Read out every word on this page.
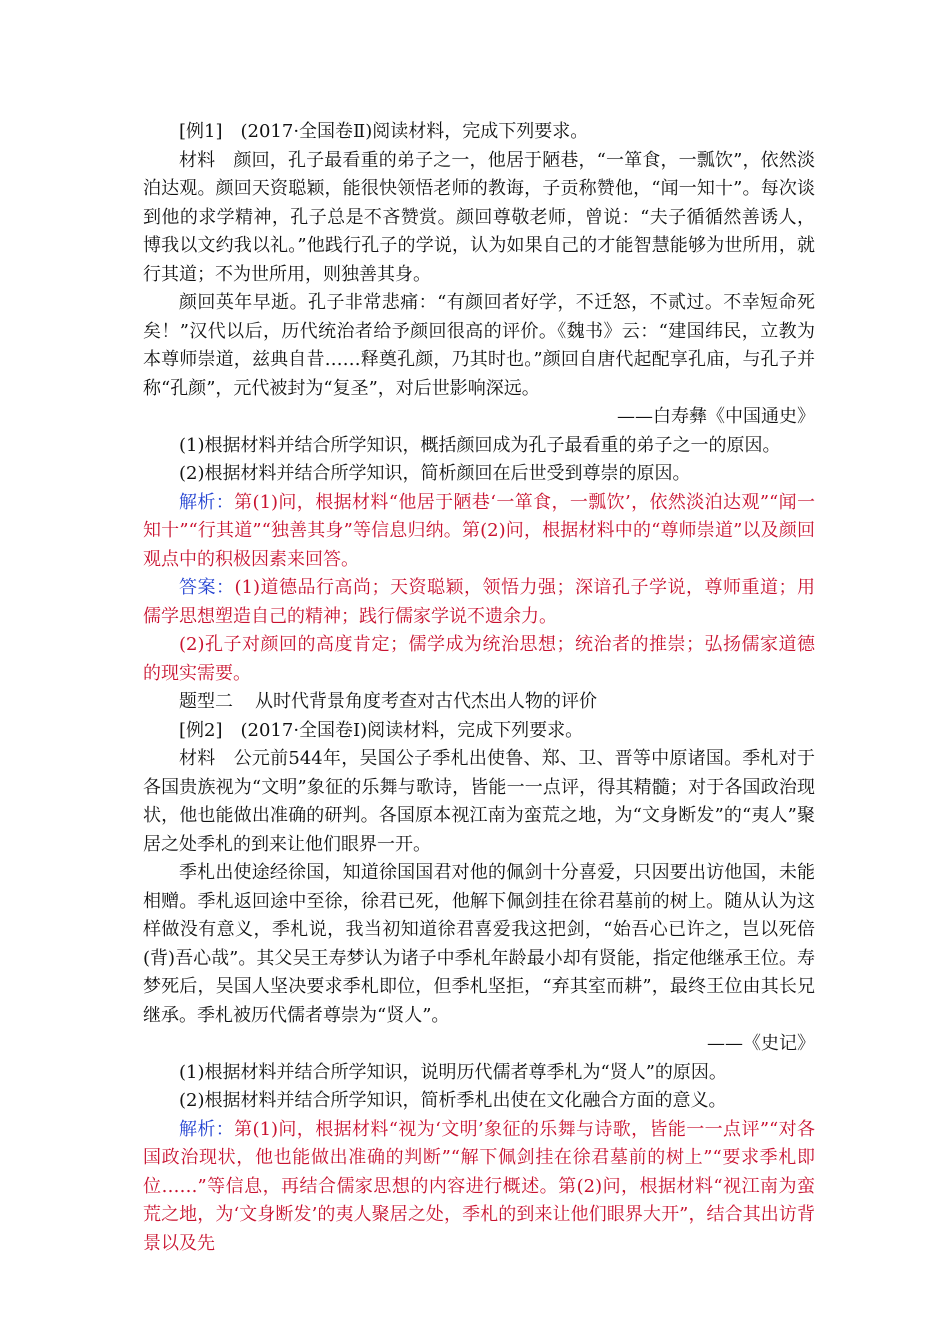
[例1]　(2017·全国卷Ⅱ)阅读材料，完成下列要求。

材料　颜回，孔子最看重的弟子之一，他居于陋巷，“一箪食，一瓢饮”，依然淡泊达观。颜回天资聪颖，能很快领悟老师的教诲，子贡称赞他，“闻一知十”。每次谈到他的求学精神，孔子总是不吝赞赏。颜回尊敬老师，曾说：“夫子循循然善诱人，博我以文约我以礼。”他践行孔子的学说，认为如果自己的才能智慧能够为世所用，就行其道；不为世所用，则独善其身。

颜回英年早逝。孔子非常悲痛：“有颜回者好学，不迁怒，不贰过。不幸短命死矣！”汉代以后，历代统治者给予颜回很高的评价。《魏书》云：“建国纬民，立教为本尊师崇道，兹典自昔……释奠孔颜，乃其时也。”颜回自唐代起配享孔庙，与孔子并称“孔颜”，元代被封为“复圣”，对后世影响深远。

——白寿彝《中国通史》

(1)根据材料并结合所学知识，概括颜回成为孔子最看重的弟子之一的原因。

(2)根据材料并结合所学知识，简析颜回在后世受到尊崇的原因。

解析：第(1)问，根据材料“他居于陋巷‘一箪食，一瓢饮’，依然淡泊达观”“闻一知十”“行其道”“独善其身”等信息归纳。第(2)问，根据材料中的“尊师崇道”以及颜回观点中的积极因素来回答。

答案：(1)道德品行高尚；天资聪颖，领悟力强；深谙孔子学说，尊师重道；用儒学思想塑造自己的精神；践行儒家学说不遗余力。

(2)孔子对颜回的高度肯定；儒学成为统治思想；统治者的推崇；弘扬儒家道德的现实需要。

题型二 从时代背景角度考查对古代杰出人物的评价

[例2]　(2017·全国卷Ⅰ)阅读材料，完成下列要求。

材料　公元前544年，吴国公子季札出使鲁、郑、卫、晋等中原诸国。季札对于各国贵族视为“文明”象征的乐舞与歌诗，皆能一一点评，得其精髓；对于各国政治现状，他也能做出准确的研判。各国原本视江南为蛮荒之地，为“文身断发”的“夷人”聚居之处季札的到来让他们眼界一开。

季札出使途经徐国，知道徐国国君对他的佩剑十分喜爱，只因要出访他国，未能相赠。季札返回途中至徐，徐君已死，他解下佩剑挂在徐君墓前的树上。随从认为这样做没有意义，季札说，我当初知道徐君喜爱我这把剑，“始吾心已许之，岂以死倍(背)吾心哉”。其父吴王寿梦认为诸子中季札年龄最小却有贤能，指定他继承王位。寿梦死后，吴国人坚决要求季札即位，但季札坚拒，“弃其室而耕”，最终王位由其长兄继承。季札被历代儒者尊崇为“贤人”。

——《史记》

(1)根据材料并结合所学知识，说明历代儒者尊季札为“贤人”的原因。

(2)根据材料并结合所学知识，简析季札出使在文化融合方面的意义。

解析：第(1)问，根据材料“视为‘文明’象征的乐舞与诗歌，皆能一一点评”“对各国政治现状，他也能做出准确的判断”“解下佩剑挂在徐君墓前的树上”“要求季札即位……”等信息，再结合儒家思想的内容进行概述。第(2)问，根据材料“视江南为蛮荒之地，为‘文身断发’的夷人聚居之处，季札的到来让他们眼界大开”，结合其出访背景以及先
